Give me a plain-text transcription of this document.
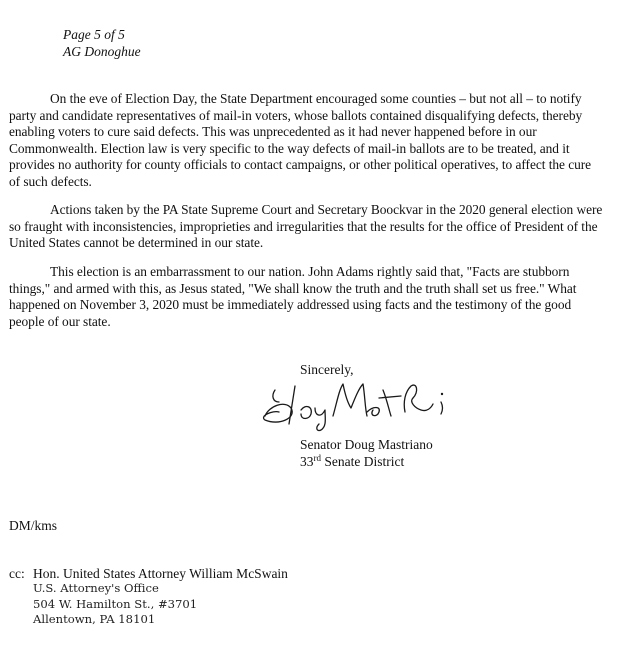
Page 5 of 5
AG Donoghue
On the eve of Election Day, the State Department encouraged some counties – but not all – to notify
party and candidate representatives of mail-in voters, whose ballots contained disqualifying defects, thereby
enabling voters to cure said defects. This was unprecedented as it had never happened before in our
Commonwealth. Election law is very specific to the way defects of mail-in ballots are to be treated, and it
provides no authority for county officials to contact campaigns, or other political operatives, to affect the cure
of such defects.
Actions taken by the PA State Supreme Court and Secretary Boockvar in the 2020 general election were
so fraught with inconsistencies, improprieties and irregularities that the results for the office of President of the
United States cannot be determined in our state.
This election is an embarrassment to our nation. John Adams rightly said that, "Facts are stubborn
things," and armed with this, as Jesus stated, "We shall know the truth and the truth shall set us free." What
happened on November 3, 2020 must be immediately addressed using facts and the testimony of the good
people of our state.
Sincerely,
Senator Doug Mastriano
33rd Senate District
DM/kms
cc: Hon. United States Attorney William McSwain
U.S. Attorney's Office
504 W. Hamilton St., #3701
Allentown, PA 18101
